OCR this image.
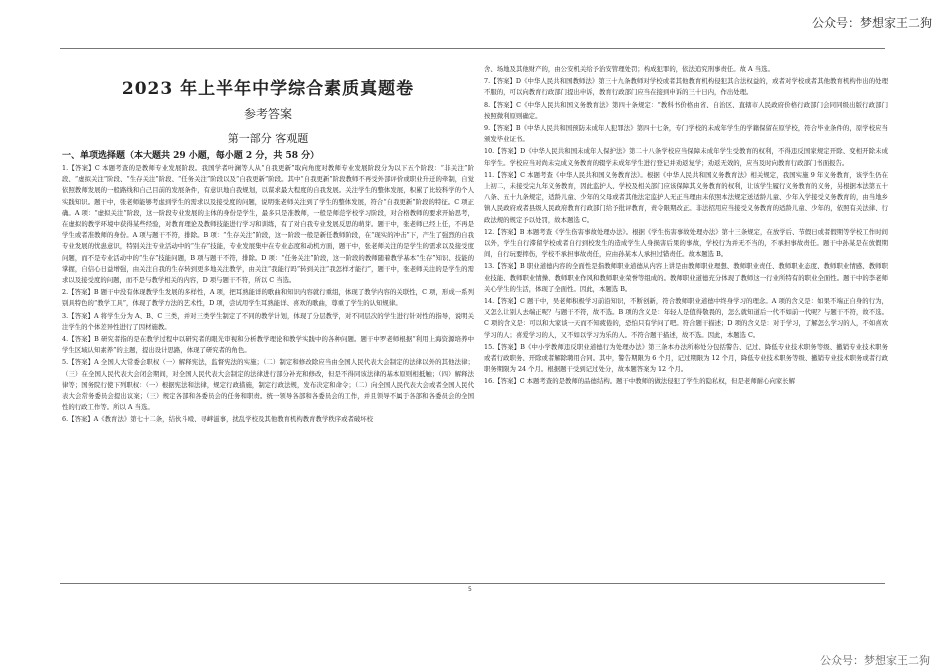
公众号：梦想家王二狗
2023 年上半年中学综合素质真题卷
参考答案
第一部分 客观题
一、单项选择题（本大题共 29 小题，每小题 2 分，共 58 分）

1.【答案】C 本题考查的是教师专业发展阶段。我国学者叶澜等人从“自我更新”取向角度对教师专业发展阶段分为以下五个阶段：“非关注”阶段、“虚拟关注”阶段、“生存关注”阶段、“任务关注”阶段以及“自我更新”阶段。其中“自我更新”阶段教师不再受外部评价或职业升迁的牵制，自觉依照教师发展的一般路线和自己目前的发展条件，有意识地自我规划，以谋求最大程度的自我发展。关注学生的整体发展，积累了比较科学的个人实践知识。题干中，张老师能够考虑到学生的需求以及接受度的问题，说明张老师关注到了学生的整体发展，符合“自我更新”阶段的特征。C 项正确。A 项：“虚拟关注”阶段，这一阶段专业发展的主体的身份是学生，最多只是准教师，一般是师范学校学习阶段，对合格教师的要求开始思考，在虚拟的教学环境中获得某些经验，对教育理论及教师技能进行学习和训练，有了对自我专业发展反思的萌芽。题干中，张老师已经上任，不再是学生或者准教师的身份。A 项与题干不符，排除。B 项：“生存关注”阶段，这一阶段一般是新任教师阶段，在“现实的冲击”下，产生了强烈的自我专业发展的忧患意识，特别关注专业活动中的“生存”技能，专业发展集中在专业态度和动机方面，题干中，张老师关注的是学生的需求以及接受度问题，而不是专业活动中的“生存”技能问题，B 项与题干不符，排除。D 项：“任务关注”阶段，这一阶段的教师随着教学基本“生存”知识、技能的掌握，自信心日益增强，由关注自我的生存转到更多地关注教学，由关注“我能行吗”转到关注“我怎样才能行”，题干中，张老师关注的是学生的需求以及接受度的问题，而不是与教学相关的内容，D 项与题干不符，所以 C 当选。

2.【答案】B 题干中没有体现教学生发展的多样性，A 项，把耳熟能详的歌曲和知识内容就行重组，体现了教学内容的关联性，C 项，形成一系列别具特色的“教学工具”，体现了教学方法的艺术性，D 项，尝试用学生耳熟能详、喜欢的歌曲，尊重了学生的认知规律。

3.【答案】A 将学生分为 A、B、C 三类，并对三类学生制定了不同的教学计划，体现了分层教学，对不同层次的学生进行针对性的指导，说明关注学生的个体差异性进行了因材施教。

4.【答案】B 研究者指的是在教学过程中以研究者的眼光审视和分析教学理论和教学实践中的各种问题。题干中罗老师根据“利用上海资源培养中学生区域认知素养”的主题，提出设计思路，体现了研究者的角色。

5.【答案】A 全国人大常委会职权（一）解释宪法，监督宪法的实施；（二）制定和修改除应当由全国人民代表大会制定的法律以外的其他法律；（三）在全国人民代表大会闭会期间，对全国人民代表大会制定的法律进行部分补充和修改，但是不得同该法律的基本原则相抵触；（四）解释法律等；国务院行使下列职权：（一）根据宪法和法律，规定行政措施，制定行政法规，发布决定和命令；（二）向全国人民代表大会或者全国人民代表大会常务委员会提出议案；（三）规定各部和各委员会的任务和职责。统一领导各部和各委员会的工作，并且领导不属于各部和各委员会的全国性的行政工作等。所以 A 当选。

6.【答案】A《教育法》第七十二条，结伙斗殴、寻衅滋事，扰乱学校及其他教育机构教育教学秩序或者破坏校

舍、场地及其他财产的，由公安机关给予治安管理处罚；构成犯罪的，依法追究刑事责任。故 A 当选。

7.【答案】D《中华人民共和国教师法》第三十九条教师对学校或者其他教育机构侵犯其合法权益的，或者对学校或者其他教育机构作出的处理不服的，可以向教育行政部门提出申诉，教育行政部门应当在接到申诉的三十日内，作出处理。

8.【答案】C《中华人民共和国义务教育法》第四十条规定：“教科书价格由省、自治区、直辖市人民政府价格行政部门会同同级出版行政部门按照微利原则确定。

9.【答案】B《中华人民共和国预防未成年人犯罪法》第四十七条，专门学校的未成年学生的学籍保留在原学校，符合毕业条件的，原学校应当颁发毕业证书。

10.【答案】D《中华人民共和国未成年人保护法》第二十八条学校应当保障未成年学生受教育的权利，不得违反国家规定开除、变相开除未成年学生。学校应当对尚未完成义务教育的辍学未成年学生进行登记并劝返复学；劝返无效的，应当及时向教育行政部门书面报告。

11.【答案】C 本题考查《中华人民共和国义务教育法》。根据《中华人民共和国义务教育法》相关规定，我国实施 9 年义务教育，该学生仍在上初二，未接受完九年义务教育，因此监护人、学校及相关部门应该保障其义务教育的权利，让该学生履行义务教育的义务，另根据本法第五十八条、五十九条规定，适龄儿童、少年的父母或者其他法定监护人无正当理由未依照本法规定送适龄儿童、少年入学接受义务教育的，由当地乡镇人民政府或者县级人民政府教育行政部门给予批评教育，责令限期改正。非法招用应当接受义务教育的适龄儿童、少年的，依照有关法律、行政法规的规定予以处罚，故本题选 C。

12.【答案】B 本题考查《学生伤害事故处理办法》。根据《学生伤害事故处理办法》第十三条规定，在放学后、节假日或者假期等学校工作时间以外，学生自行滞留学校或者自行到校发生的造成学生人身损害后果的事故，学校行为并无不当的，不承担事故责任。题干中孙某是在放假期间，自行玩要摔伤，学校不承担事故责任，应由孙某本人承担过错责任。故本题选 B。

13.【答案】B 职业道德内容的全面性是指教师职业道德从内容上讲是由教师职业理想、教师职业责任、教师职业态度、教师职业情感、教师职业技能、教师职业情操、教师职业作风和教师职业荣誉等组成的。教师职业道德充分体现了教师这一行业所特有的职业全面性。题干中的李老师关心学生的生活，体现了全面性。因此，本题选 B。

14.【答案】C 题干中，吴老师积极学习前沿知识，不断创新，符合教师职业道德中终身学习的理念。A 项的含义是：如果不端正自身的行为，又怎么让别人去端正呢？与题干不符，故不选。B 项的含义是：年轻人是值得敬畏的，怎么就知道后一代不如前一代呢？与题干不符，故不选。C 项的含义是：可以和大家谈一天而不知疲倦的，恐怕只有学问了吧。符合题干描述；D 项的含义是：对于学习，了解怎么学习的人，不如喜欢学习的人；喜爱学习的人，又不如以学习为乐的人。不符合题干描述，故不选。因此，本题选 C。

15.【答案】B《中小学教师违反职业道德行为处理办法》第三条本办法所称处分包括警告、记过、降低专业技术职务等级、撤销专业技术职务或者行政职务、开除或者解除聘用合同。其中，警告期限为 6 个月，记过期限为 12 个月，降低专业技术职务等级、撤销专业技术职务或者行政职务期限为 24 个月。根据题干受到记过处分，故本题答案为 12 个月。

16.【答案】C 本题考查的是教师的品德结构。题干中教师的做法侵犯了学生的隐私权，但是老师耐心向家长解

5
公众号：梦想家王二狗
